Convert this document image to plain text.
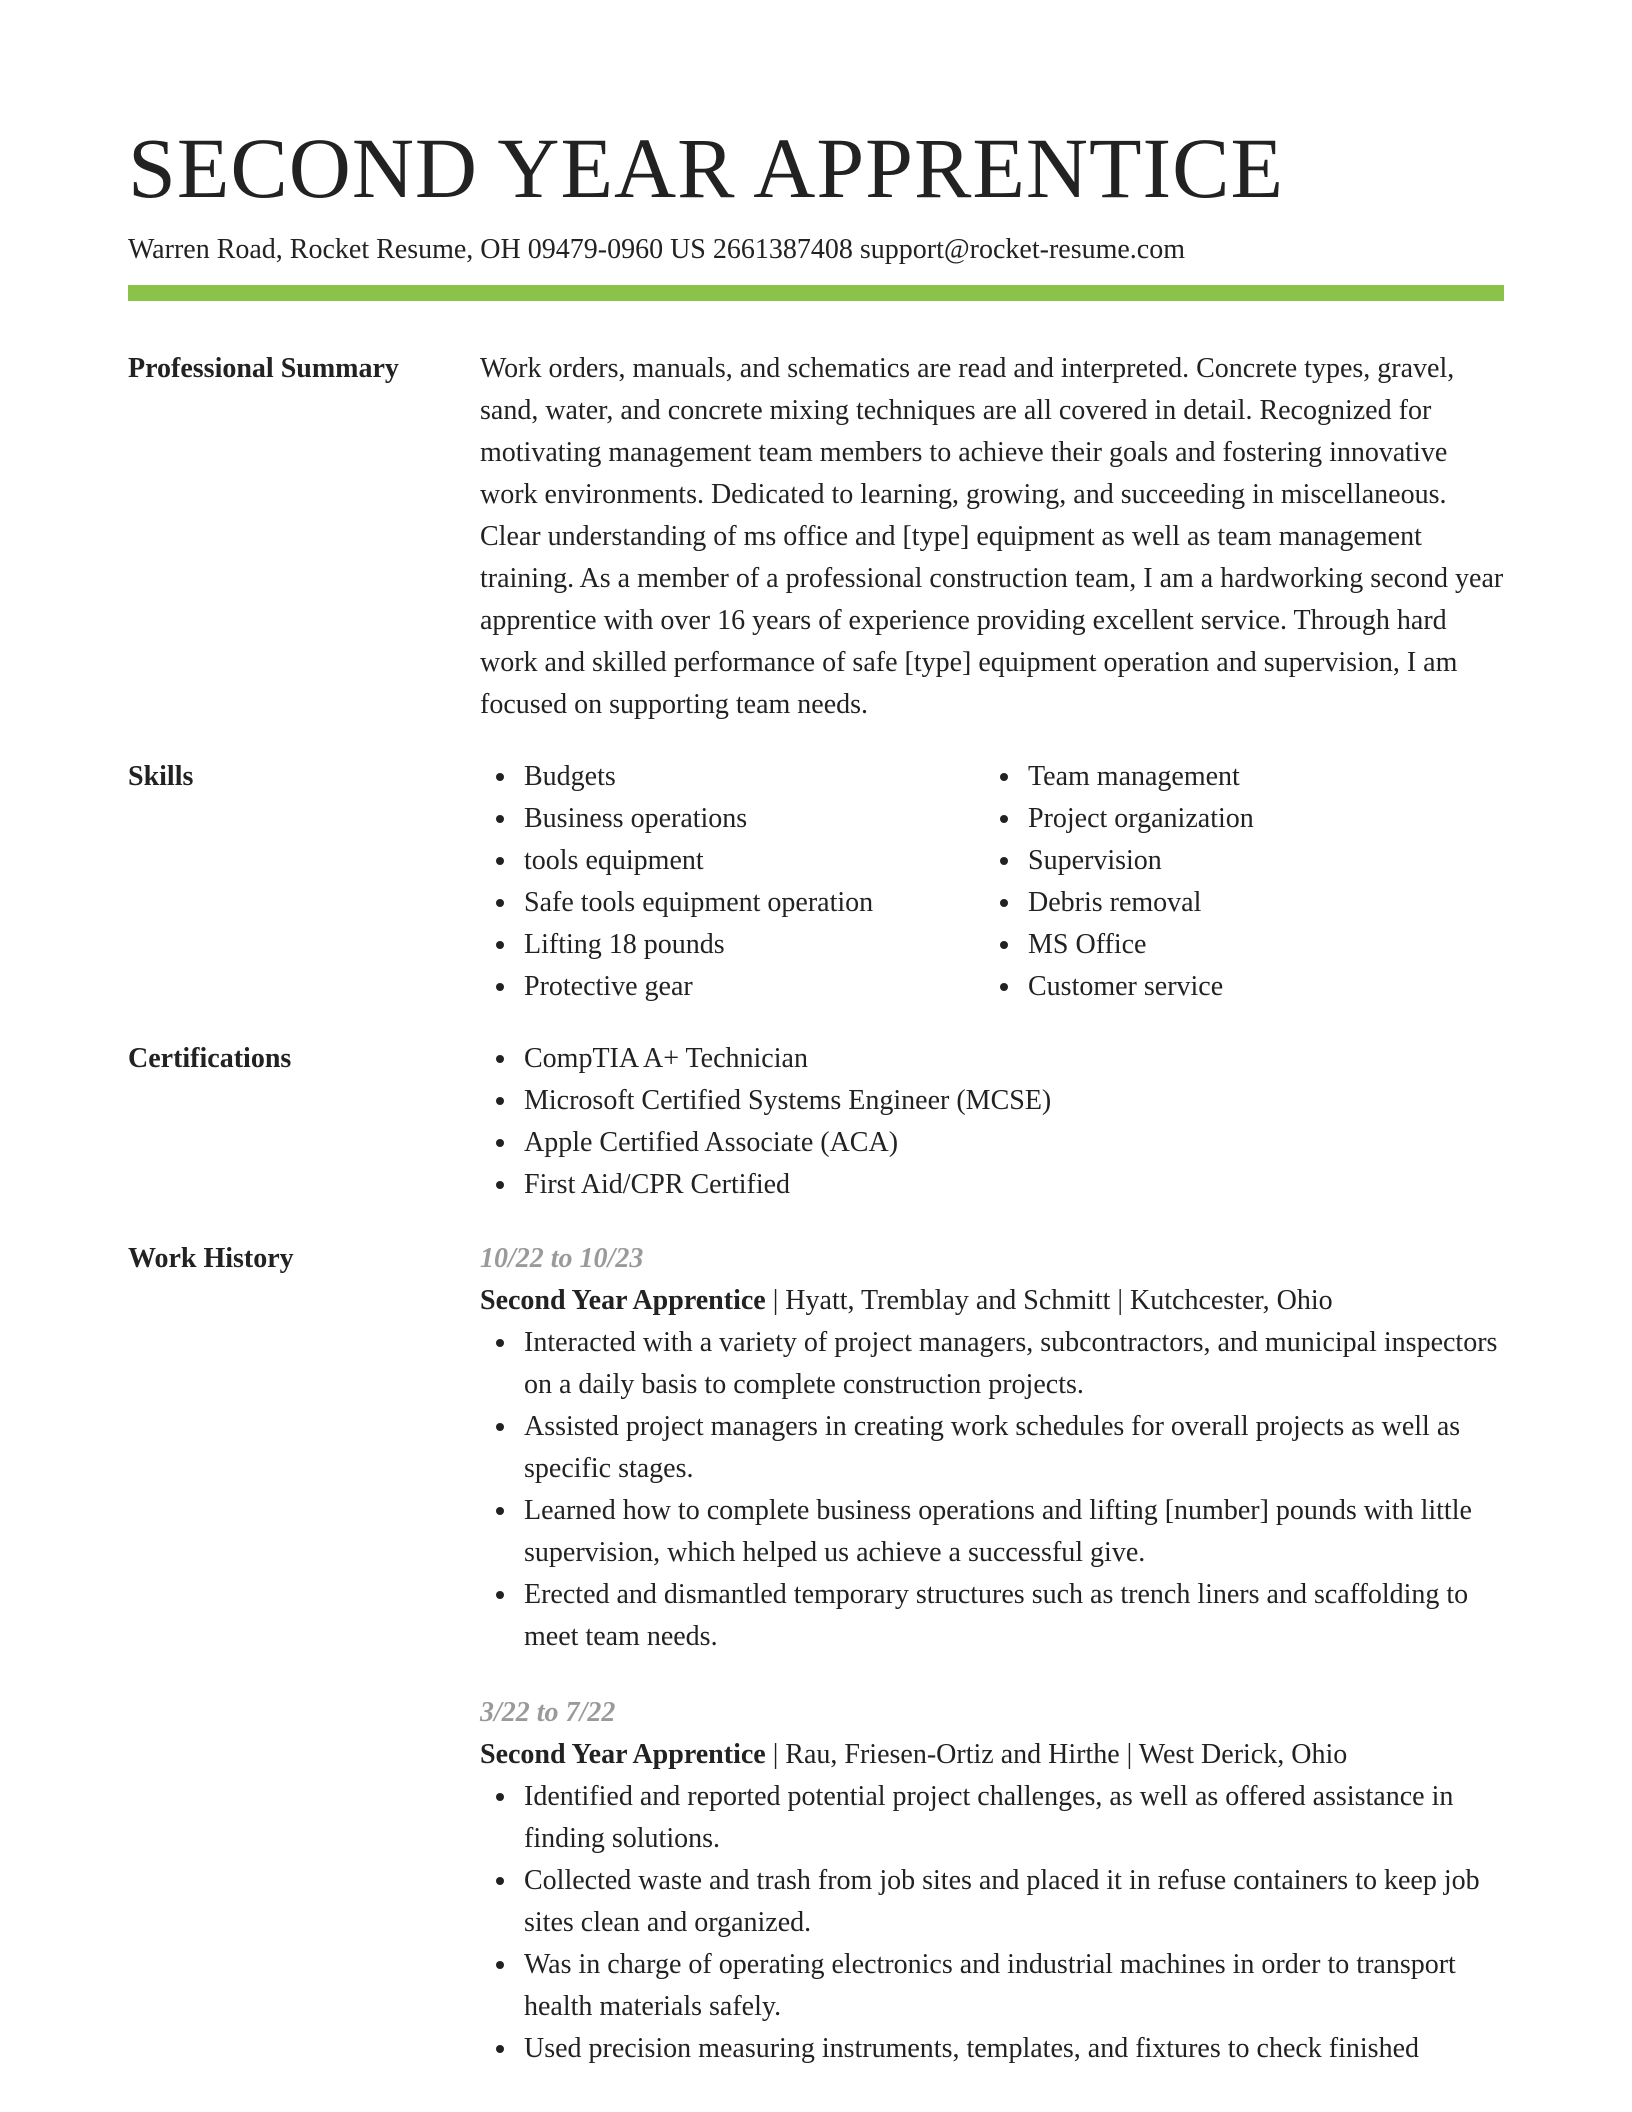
SECOND YEAR APPRENTICE
Warren Road, Rocket Resume, OH 09479-0960 US 2661387408 support@rocket-resume.com
Professional Summary	Work orders, manuals, and schematics are read and interpreted. Concrete types, gravel, sand, water, and concrete mixing techniques are all covered in detail. Recognized for motivating management team members to achieve their goals and fostering innovative work environments. Dedicated to learning, growing, and succeeding in miscellaneous. Clear understanding of ms office and [type] equipment as well as team management training. As a member of a professional construction team, I am a hardworking second year apprentice with over 16 years of experience providing excellent service. Through hard work and skilled performance of safe [type] equipment operation and supervision, I am focused on supporting team needs.

Skills	Budgets
Business operations
tools equipment
Safe tools equipment operation
Lifting 18 pounds
Protective gear
Team management
Project organization
Supervision
Debris removal
MS Office
Customer service
Certifications	CompTIA A+ Technician
Microsoft Certified Systems Engineer (MCSE)
Apple Certified Associate (ACA)
First Aid/CPR Certified
Work History	10/22 to 10/23
Second Year Apprentice | Hyatt, Tremblay and Schmitt | Kutchcester, Ohio
Interacted with a variety of project managers, subcontractors, and municipal inspectors on a daily basis to complete construction projects.
Assisted project managers in creating work schedules for overall projects as well as specific stages.
Learned how to complete business operations and lifting [number] pounds with little supervision, which helped us achieve a successful give.
Erected and dismantled temporary structures such as trench liners and scaffolding to meet team needs.
3/22 to 7/22
Second Year Apprentice | Rau, Friesen-Ortiz and Hirthe | West Derick, Ohio
Identified and reported potential project challenges, as well as offered assistance in finding solutions.
Collected waste and trash from job sites and placed it in refuse containers to keep job sites clean and organized.
Was in charge of operating electronics and industrial machines in order to transport health materials safely.
Used precision measuring instruments, templates, and fixtures to check finished
